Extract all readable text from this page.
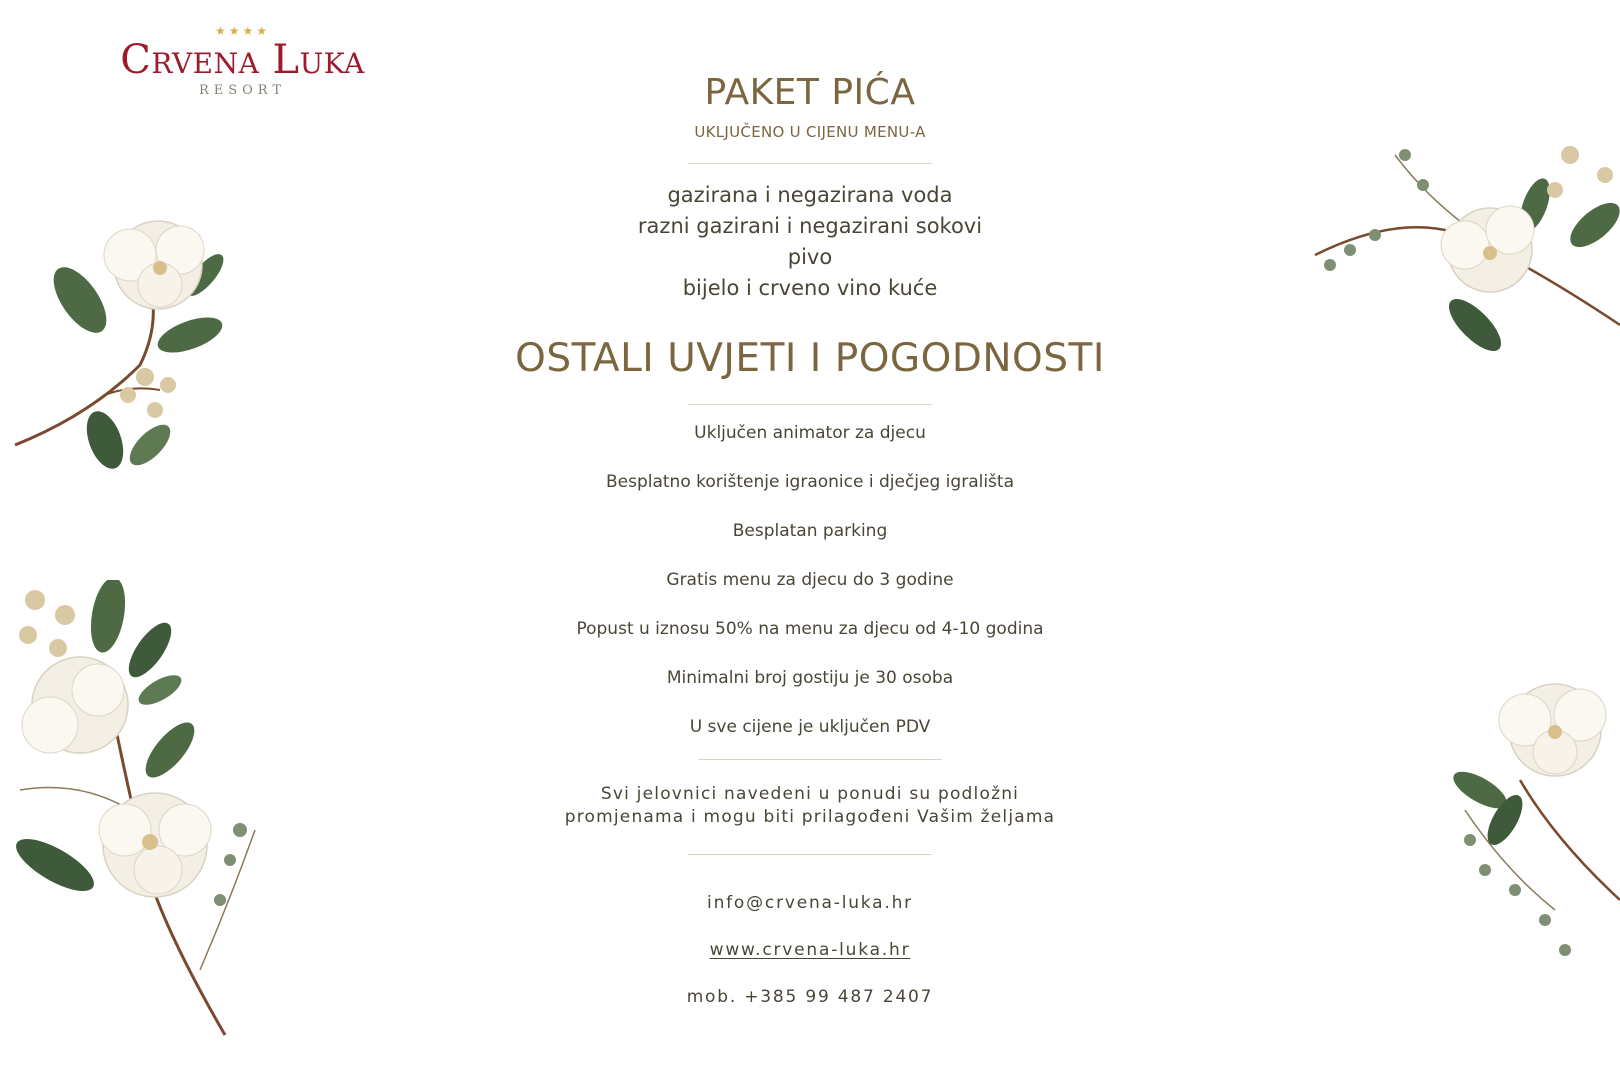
★★★★
Crvena Luka
RESORT	PAKET PIĆA
UKLJUČENO U CIJENU MENU-A
gazirana i negazirana voda
razni gazirani i negazirani sokovi
pivo
bijelo i crveno vino kuće
OSTALI UVJETI I POGODNOSTI
Uključen animator za djecu
Besplatno korištenje igraonice i dječjeg igrališta
Besplatan parking
Gratis menu za djecu do 3 godine
Popust u iznosu 50% na menu za djecu od 4-10 godina
Minimalni broj gostiju je 30 osoba
U sve cijene je uključen PDV
Svi jelovnici navedeni u ponudi su podložni
promjenama i mogu biti prilagođeni Vašim željama
info@crvena-luka.hr
www.crvena-luka.hr
mob. +385 99 487 2407
